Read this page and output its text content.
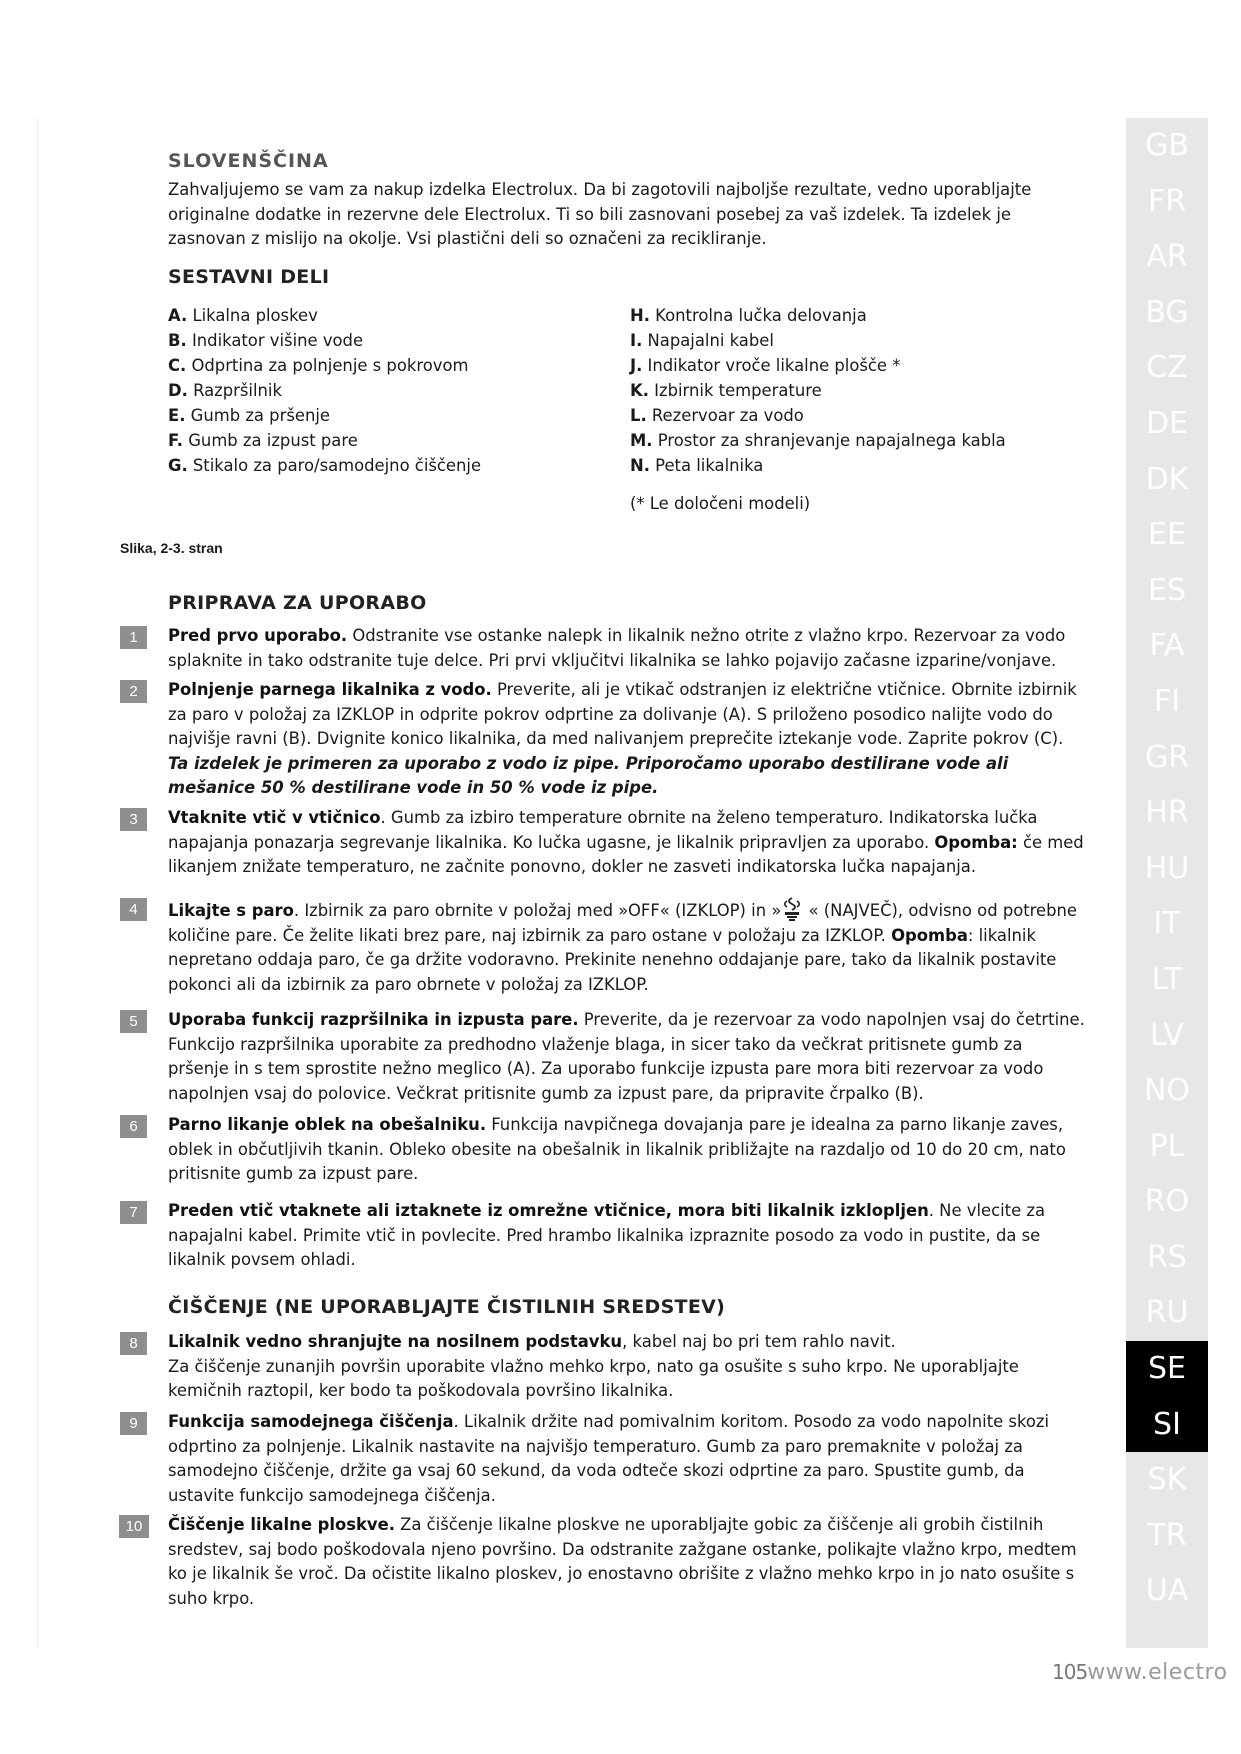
SLOVENŠČINA

Zahvaljujemo se vam za nakup izdelka Electrolux. Da bi zagotovili najboljše rezultate, vedno uporabljajte originalne dodatke in rezervne dele Electrolux. Ti so bili zasnovani posebej za vaš izdelek. Ta izdelek je zasnovan z mislijo na okolje. Vsi plastični deli so označeni za recikliranje.

SESTAVNI DELI
A. Likalna ploskev
B. Indikator višine vode
C. Odprtina za polnjenje s pokrovom
D. Razpršilnik
E. Gumb za pršenje
F. Gumb za izpust pare
G. Stikalo za paro/samodejno čiščenje
H. Kontrolna lučka delovanja
I. Napajalni kabel
J. Indikator vroče likalne plošče *
K. Izbirnik temperature
L. Rezervoar za vodo
M. Prostor za shranjevanje napajalnega kabla
N. Peta likalnika
(* Le določeni modeli)
Slika, 2-3. stran
PRIPRAVA ZA UPORABO
1	Pred prvo uporabo. Odstranite vse ostanke nalepk in likalnik nežno otrite z vlažno krpo. Rezervoar za vodo splaknite in tako odstranite tuje delce. Pri prvi vključitvi likalnika se lahko pojavijo začasne izparine/vonjave.

2	Polnjenje parnega likalnika z vodo. Preverite, ali je vtikač odstranjen iz električne vtičnice. Obrnite izbirnik za paro v položaj za IZKLOP in odprite pokrov odprtine za dolivanje (A). S priloženo posodico nalijte vodo do najvišje ravni (B). Dvignite konico likalnika, da med nalivanjem preprečite iztekanje vode. Zaprite pokrov (C). Ta izdelek je primeren za uporabo z vodo iz pipe. Priporočamo uporabo destilirane vode ali mešanice 50 % destilirane vode in 50 % vode iz pipe.

3	Vtaknite vtič v vtičnico. Gumb za izbiro temperature obrnite na želeno temperaturo. Indikatorska lučka napajanja ponazarja segrevanje likalnika. Ko lučka ugasne, je likalnik pripravljen za uporabo. Opomba: če med likanjem znižate temperaturo, ne začnite ponovno, dokler ne zasveti indikatorska lučka napajanja.

4	Likajte s paro. Izbirnik za paro obrnite v položaj med »OFF« (IZKLOP) in » « (NAJVEČ), odvisno od potrebne količine pare. Če želite likati brez pare, naj izbirnik za paro ostane v položaju za IZKLOP. Opomba: likalnik nepretano oddaja paro, če ga držite vodoravno. Prekinite nenehno oddajanje pare, tako da likalnik postavite pokonci ali da izbirnik za paro obrnete v položaj za IZKLOP.

5	Uporaba funkcij razpršilnika in izpusta pare. Preverite, da je rezervoar za vodo napolnjen vsaj do četrtine. Funkcijo razpršilnika uporabite za predhodno vlaženje blaga, in sicer tako da večkrat pritisnete gumb za pršenje in s tem sprostite nežno meglico (A). Za uporabo funkcije izpusta pare mora biti rezervoar za vodo napolnjen vsaj do polovice. Večkrat pritisnite gumb za izpust pare, da pripravite črpalko (B).

6	Parno likanje oblek na obešalniku. Funkcija navpičnega dovajanja pare je idealna za parno likanje zaves, oblek in občutljivih tkanin. Obleko obesite na obešalnik in likalnik približajte na razdaljo od 10 do 20 cm, nato pritisnite gumb za izpust pare.

7	Preden vtič vtaknete ali iztaknete iz omrežne vtičnice, mora biti likalnik izklopljen. Ne vlecite za napajalni kabel. Primite vtič in povlecite. Pred hrambo likalnika izpraznite posodo za vodo in pustite, da se likalnik povsem ohladi.

ČIŠČENJE (NE UPORABLJAJTE ČISTILNIH SREDSTEV)
8	Likalnik vedno shranjujte na nosilnem podstavku, kabel naj bo pri tem rahlo navit.
Za čiščenje zunanjih površin uporabite vlažno mehko krpo, nato ga osušite s suho krpo. Ne uporabljajte kemičnih raztopil, ker bodo ta poškodovala površino likalnika.

9	Funkcija samodejnega čiščenja. Likalnik držite nad pomivalnim koritom. Posodo za vodo napolnite skozi odprtino za polnjenje. Likalnik nastavite na najvišjo temperaturo. Gumb za paro premaknite v položaj za samodejno čiščenje, držite ga vsaj 60 sekund, da voda odteče skozi odprtine za paro. Spustite gumb, da ustavite funkcijo samodejnega čiščenja.

10	Čiščenje likalne ploskve. Za čiščenje likalne ploskve ne uporabljajte gobic za čiščenje ali grobih čistilnih sredstev, saj bodo poškodovala njeno površino. Da odstranite zažgane ostanke, polikajte vlažno krpo, medtem ko je likalnik še vroč. Da očistite likalno ploskev, jo enostavno obrišite z vlažno mehko krpo in jo nato osušite s suho krpo.

GB
FR
AR
BG
CZ
DE
DK
EE
ES
FA
FI
GR
HR
HU
IT
LT
LV
NO
PL
RO
RS
RU
SE
SI
SK
TR
UA
105www.electro
